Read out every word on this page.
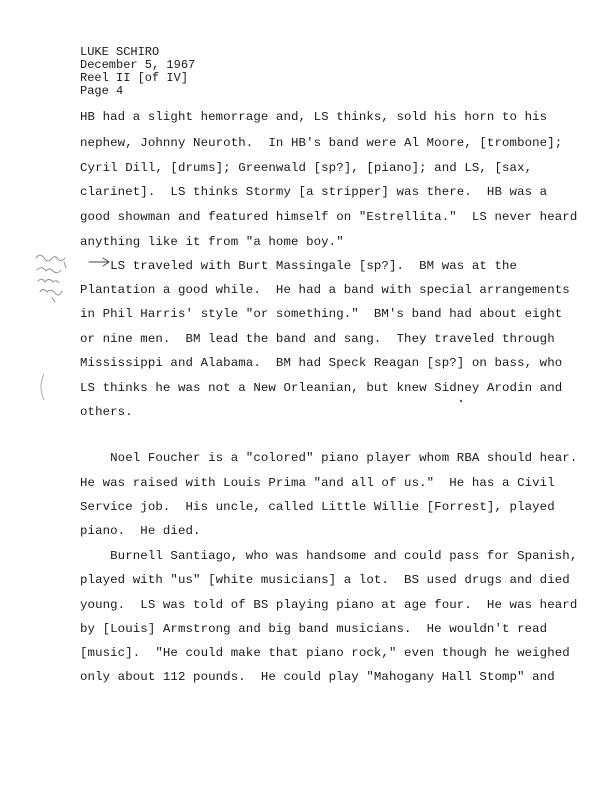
LUKE SCHIRO
December 5, 1967
Reel II [of IV]
Page 4
HB had a slight hemorrage and, LS thinks, sold his horn to his
nephew, Johnny Neuroth.  In HB's band were Al Moore, [trombone];
Cyril Dill, [drums]; Greenwald [sp?], [piano]; and LS, [sax,
clarinet].  LS thinks Stormy [a stripper] was there.  HB was a
good showman and featured himself on "Estrellita."  LS never heard
anything like it from "a home boy."
LS traveled with Burt Massingale [sp?].  BM was at the
Plantation a good while.  He had a band with special arrangements
in Phil Harris' style "or something."  BM's band had about eight
or nine men.  BM lead the band and sang.  They traveled through
Mississippi and Alabama.  BM had Speck Reagan [sp?] on bass, who
LS thinks he was not a New Orleanian, but knew Sidney Arodin and
others.
Noel Foucher is a "colored" piano player whom RBA should hear.
He was raised with Louis Prima "and all of us."  He has a Civil
Service job.  His uncle, called Little Willie [Forrest], played
piano.  He died.
Burnell Santiago, who was handsome and could pass for Spanish,
played with "us" [white musicians] a lot.  BS used drugs and died
young.  LS was told of BS playing piano at age four.  He was heard
by [Louis] Armstrong and big band musicians.  He wouldn't read
[music].  "He could make that piano rock," even though he weighed
only about 112 pounds.  He could play "Mahogany Hall Stomp" and
